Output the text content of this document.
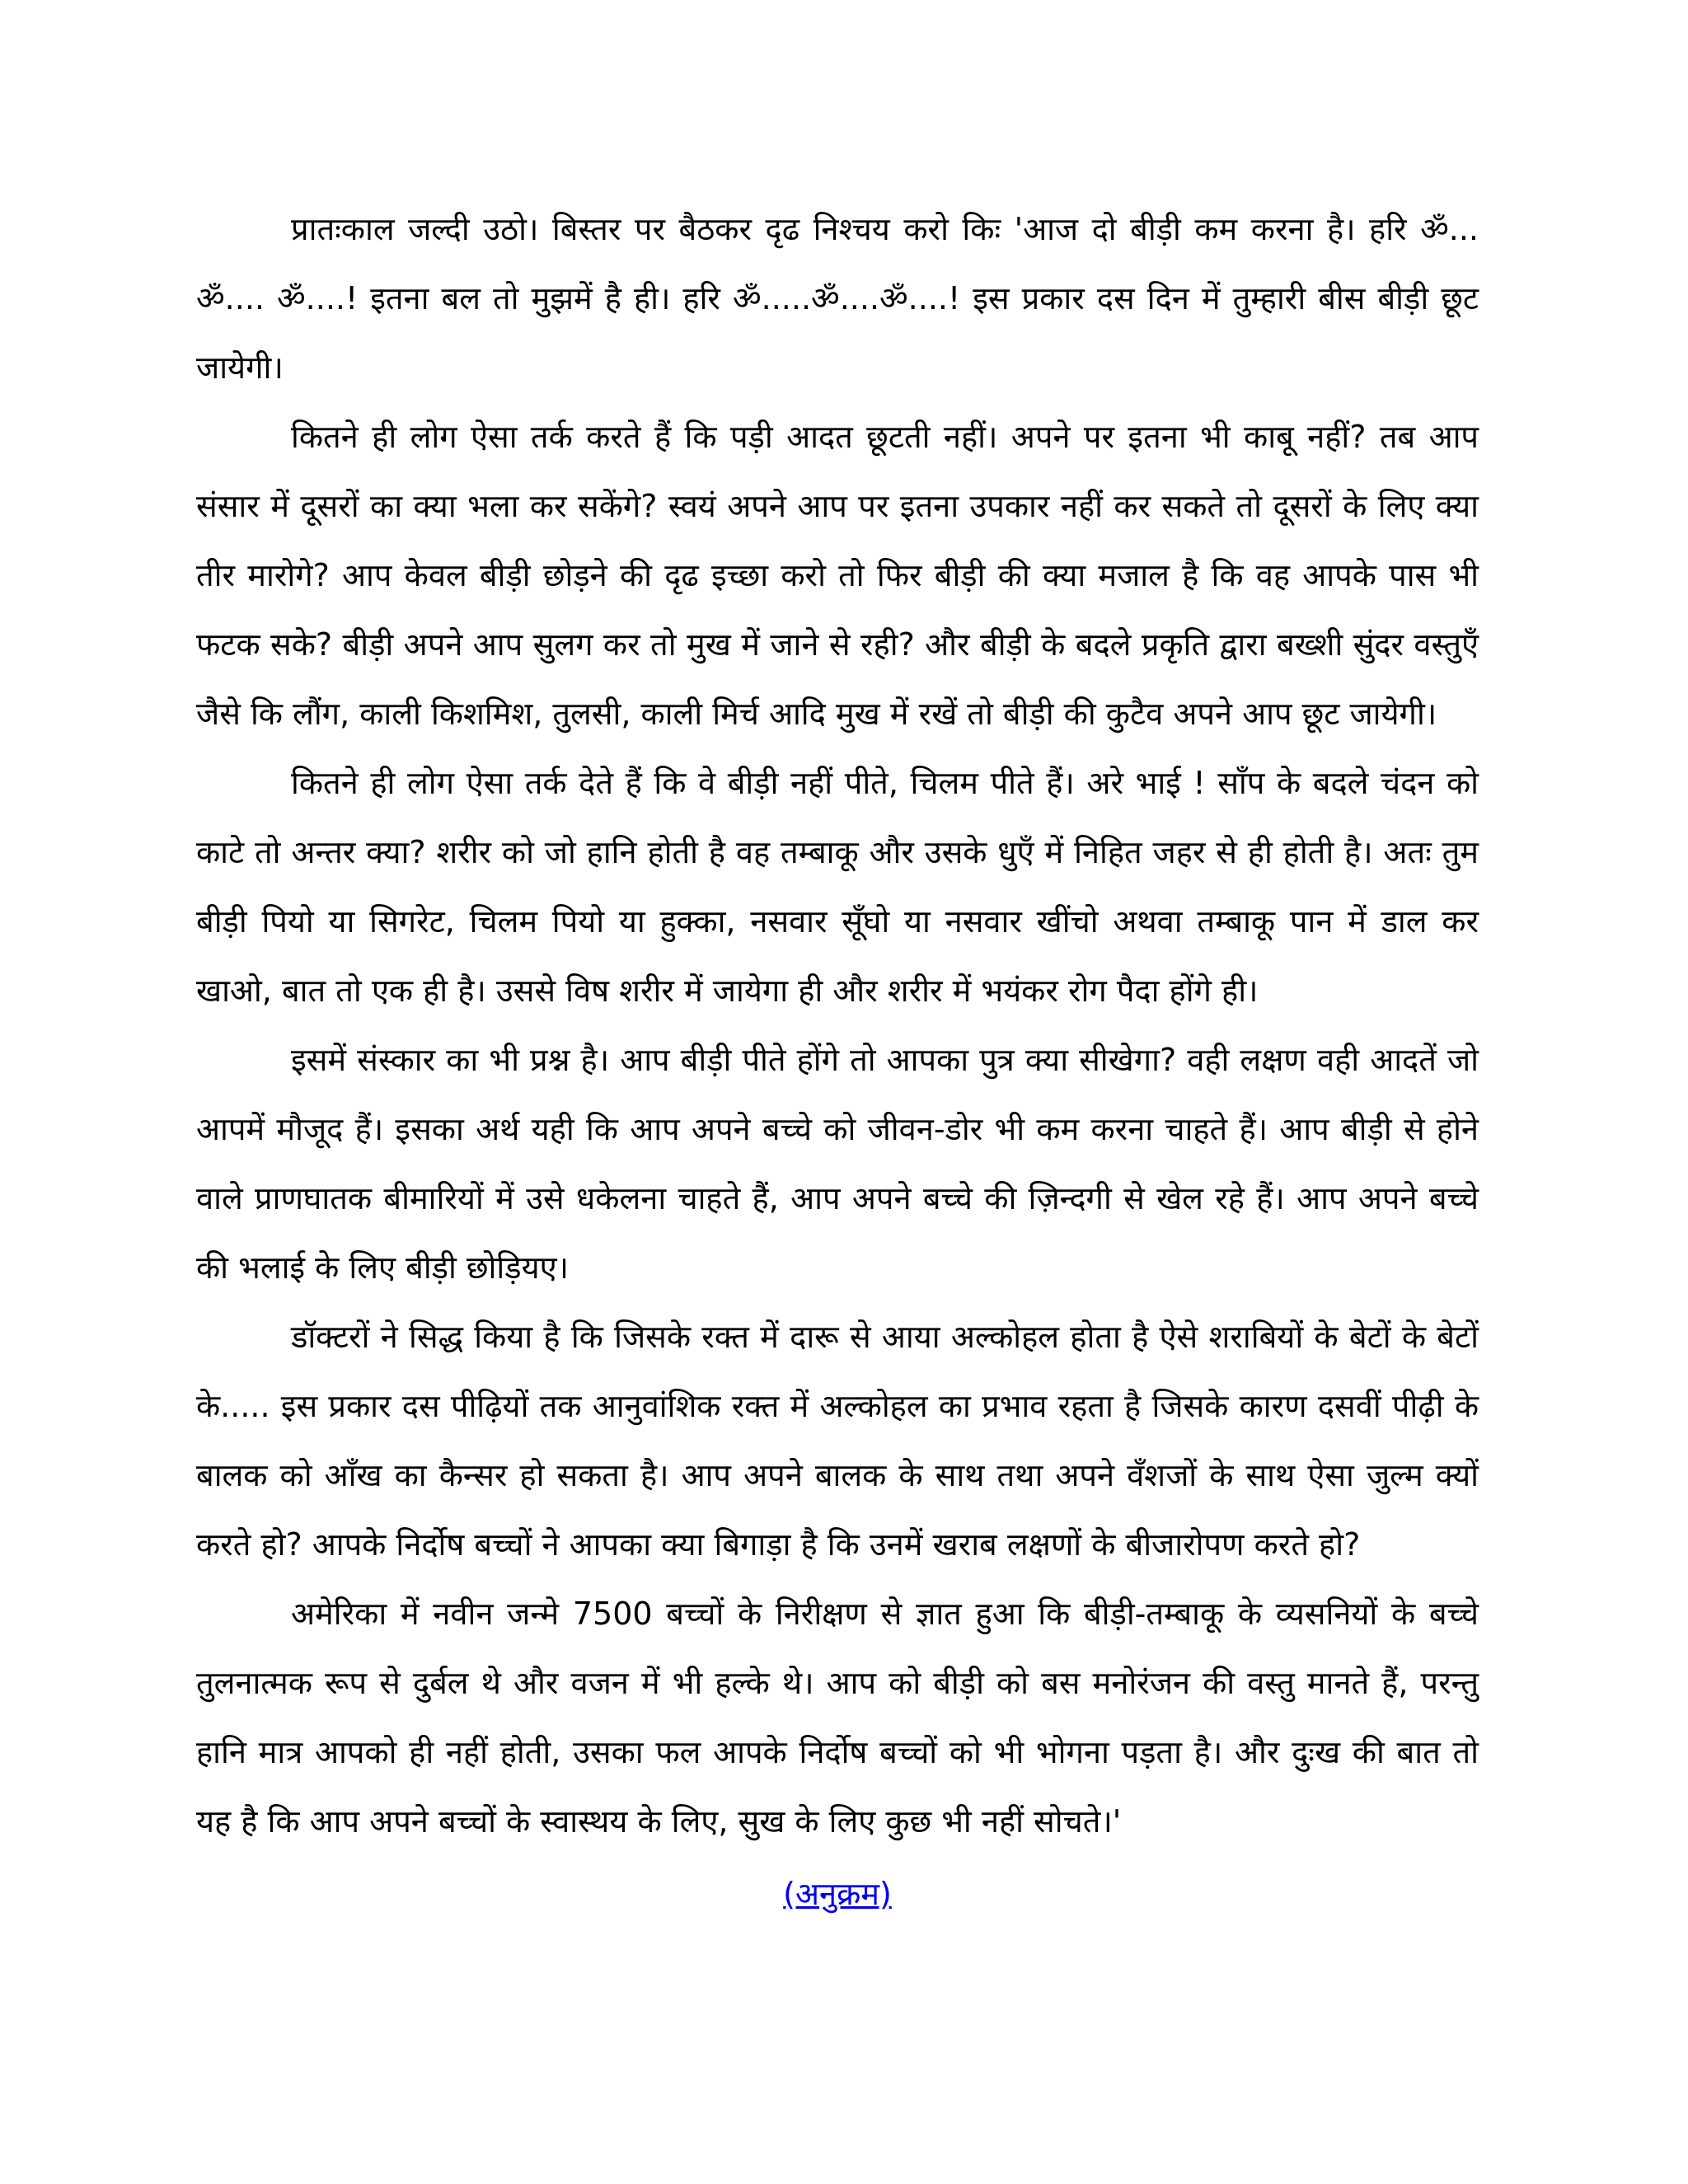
प्रातःकाल जल्दी उठो। बिस्तर पर बैठकर दृढ निश्चय करो किः 'आज दो बीड़ी कम करना है। हरि ॐ... ॐ.... ॐ....! इतना बल तो मुझमें है ही। हरि ॐ.....ॐ....ॐ....! इस प्रकार दस दिन में तुम्हारी बीस बीड़ी छूट जायेगी।

कितने ही लोग ऐसा तर्क करते हैं कि पड़ी आदत छूटती नहीं। अपने पर इतना भी काबू नहीं? तब आप संसार में दूसरों का क्या भला कर सकेंगे? स्वयं अपने आप पर इतना उपकार नहीं कर सकते तो दूसरों के लिए क्या तीर मारोगे? आप केवल बीड़ी छोड़ने की दृढ इच्छा करो तो फिर बीड़ी की क्या मजाल है कि वह आपके पास भी फटक सके? बीड़ी अपने आप सुलग कर तो मुख में जाने से रही? और बीड़ी के बदले प्रकृति द्वारा बख्शी सुंदर वस्तुएँ जैसे कि लौंग, काली किशमिश, तुलसी, काली मिर्च आदि मुख में रखें तो बीड़ी की कुटैव अपने आप छूट जायेगी।

कितने ही लोग ऐसा तर्क देते हैं कि वे बीड़ी नहीं पीते, चिलम पीते हैं। अरे भाई ! साँप के बदले चंदन को काटे तो अन्तर क्या? शरीर को जो हानि होती है वह तम्बाकू और उसके धुएँ में निहित जहर से ही होती है। अतः तुम बीड़ी पियो या सिगरेट, चिलम पियो या हुक्का, नसवार सूँघो या नसवार खींचो अथवा तम्बाकू पान में डाल कर खाओ, बात तो एक ही है। उससे विष शरीर में जायेगा ही और शरीर में भयंकर रोग पैदा होंगे ही।

इसमें संस्कार का भी प्रश्न है। आप बीड़ी पीते होंगे तो आपका पुत्र क्या सीखेगा? वही लक्षण वही आदतें जो आपमें मौजूद हैं। इसका अर्थ यही कि आप अपने बच्चे को जीवन-डोर भी कम करना चाहते हैं। आप बीड़ी से होने वाले प्राणघातक बीमारियों में उसे धकेलना चाहते हैं, आप अपने बच्चे की ज़िन्दगी से खेल रहे हैं। आप अपने बच्चे की भलाई के लिए बीड़ी छोड़ियए।

डॉक्टरों ने सिद्ध किया है कि जिसके रक्त में दारू से आया अल्कोहल होता है ऐसे शराबियों के बेटों के बेटों के..... इस प्रकार दस पीढ़ियों तक आनुवांशिक रक्त में अल्कोहल का प्रभाव रहता है जिसके कारण दसवीं पीढ़ी के बालक को आँख का कैन्सर हो सकता है। आप अपने बालक के साथ तथा अपने वँशजों के साथ ऐसा जुल्म क्यों करते हो? आपके निर्दोष बच्चों ने आपका क्या बिगाड़ा है कि उनमें खराब लक्षणों के बीजारोपण करते हो?

अमेरिका में नवीन जन्मे 7500 बच्चों के निरीक्षण से ज्ञात हुआ कि बीड़ी-तम्बाकू के व्यसनियों के बच्चे तुलनात्मक रूप से दुर्बल थे और वजन में भी हल्के थे। आप को बीड़ी को बस मनोरंजन की वस्तु मानते हैं, परन्तु हानि मात्र आपको ही नहीं होती, उसका फल आपके निर्दोष बच्चों को भी भोगना पड़ता है। और दुःख की बात तो यह है कि आप अपने बच्चों के स्वास्थय के लिए, सुख के लिए कुछ भी नहीं सोचते।'

(अनुक्रम)
